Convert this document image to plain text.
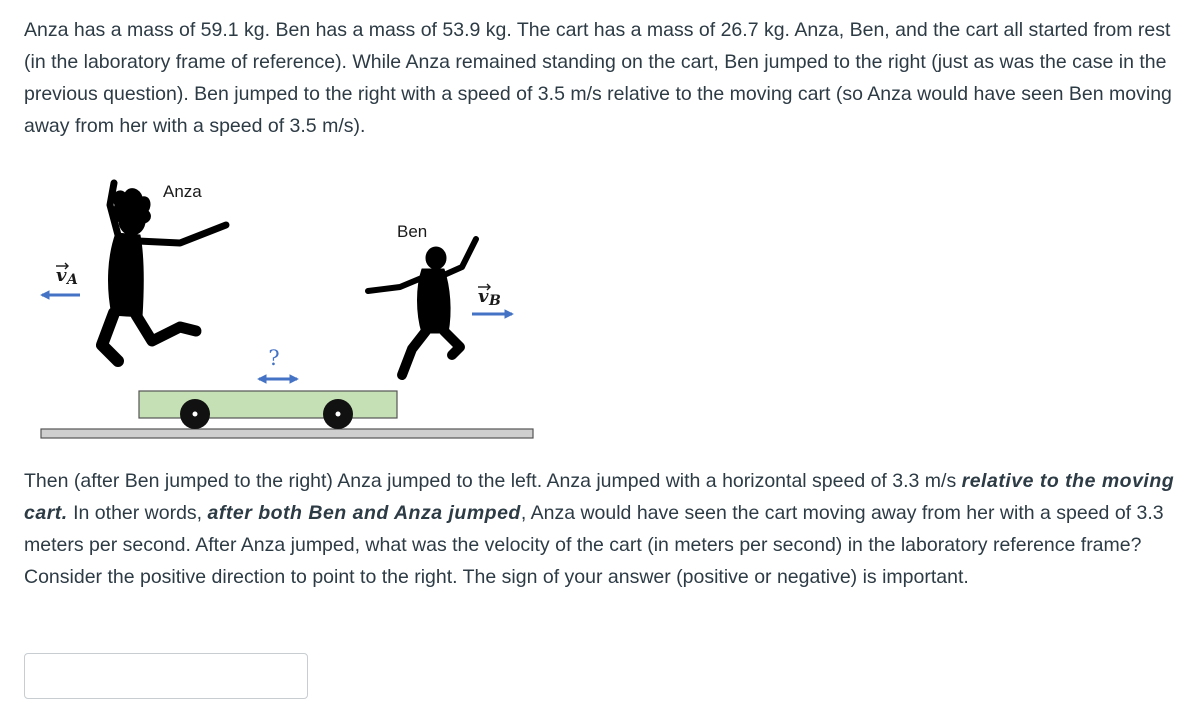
Anza has a mass of 59.1 kg. Ben has a mass of 53.9 kg. The cart has a mass of 26.7 kg. Anza, Ben, and the cart all started from rest (in the laboratory frame of reference). While Anza remained standing on the cart, Ben jumped to the right (just as was the case in the previous question). Ben jumped to the right with a speed of 3.5 m/s relative to the moving cart (so Anza would have seen Ben moving away from her with a speed of 3.5 m/s).

?
Anza
Ben
v A
v B

Then (after Ben jumped to the right) Anza jumped to the left. Anza jumped with a horizontal speed of 3.3 m/s relative to the moving cart. In other words, after both Ben and Anza jumped, Anza would have seen the cart moving away from her with a speed of 3.3 meters per second. After Anza jumped, what was the velocity of the cart (in meters per second) in the laboratory reference frame? Consider the positive direction to point to the right. The sign of your answer (positive or negative) is important.
